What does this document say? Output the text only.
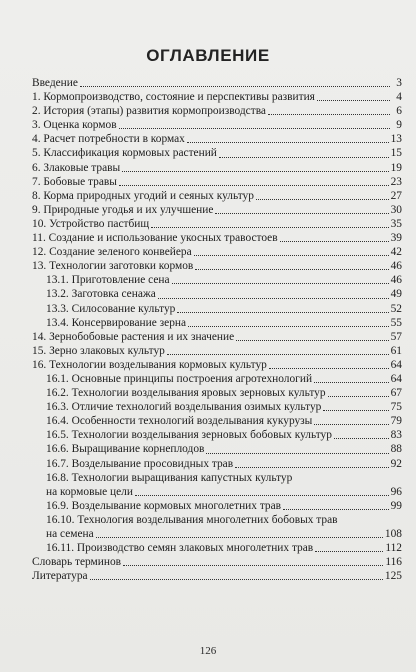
ОГЛАВЛЕНИЕ
Введение	3
1. Кормопроизводство, состояние и перспективы развития	4
2. История (этапы) развития кормопроизводства	6
3. Оценка кормов	9
4. Расчет потребности в кормах	13
5. Классификация кормовых растений	15
6. Злаковые травы	19
7. Бобовые травы	23
8. Корма природных угодий и сеяных культур	27
9. Природные угодья и их улучшение	30
10. Устройство пастбищ	35
11. Создание и использование укосных травостоев	39
12. Создание зеленого конвейера	42
13. Технологии заготовки кормов	46
13.1. Приготовление сена	46
13.2. Заготовка сенажа	49
13.3. Силосование культур	52
13.4. Консервирование зерна	55
14. Зернобобовые растения и их значение	57
15. Зерно злаковых культур	61
16. Технологии возделывания кормовых культур	64
16.1. Основные принципы построения агротехнологий	64
16.2. Технологии возделывания яровых зерновых культур	67
16.3. Отличие технологий возделывания озимых культур	75
16.4. Особенности технологий возделывания кукурузы	79
16.5. Технологии возделывания зерновых бобовых культур	83
16.6. Выращивание корнеплодов	88
16.7. Возделывание просовидных трав	92
16.8. Технологии выращивания капустных культур
на кормовые цели	96
16.9. Возделывание кормовых многолетних трав	99
16.10. Технология возделывания многолетних бобовых трав
на семена	108
16.11. Производство семян злаковых многолетних трав	112
Словарь терминов	116
Литература	125
126
